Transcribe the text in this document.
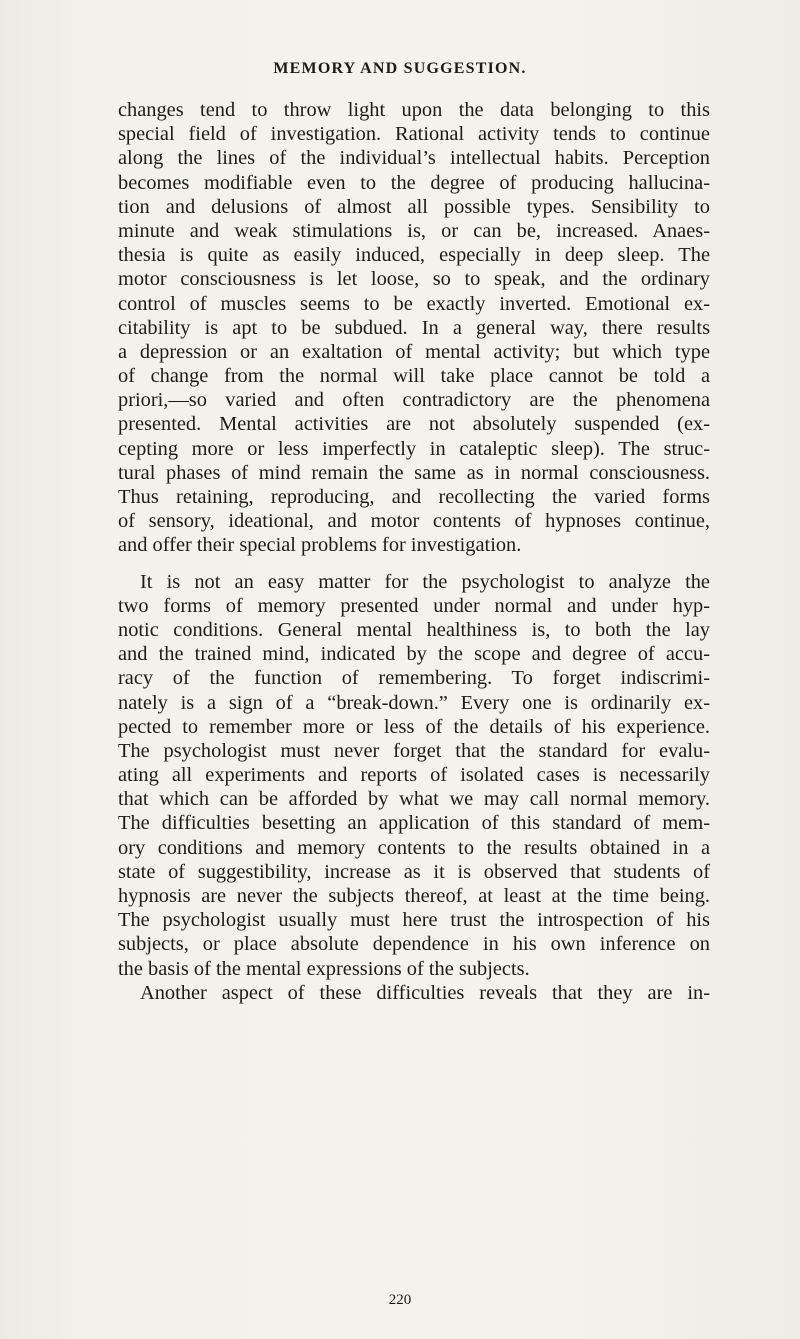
MEMORY AND SUGGESTION.
changes tend to throw light upon the data belonging to this
special field of investigation. Rational activity tends to continue
along the lines of the individual’s intellectual habits. Perception
becomes modifiable even to the degree of producing hallucina-
tion and delusions of almost all possible types. Sensibility to
minute and weak stimulations is, or can be, increased. Anaes-
thesia is quite as easily induced, especially in deep sleep. The
motor consciousness is let loose, so to speak, and the ordinary
control of muscles seems to be exactly inverted. Emotional ex-
citability is apt to be subdued. In a general way, there results
a depression or an exaltation of mental activity; but which type
of change from the normal will take place cannot be told a
priori,—so varied and often contradictory are the phenomena
presented. Mental activities are not absolutely suspended (ex-
cepting more or less imperfectly in cataleptic sleep). The struc-
tural phases of mind remain the same as in normal consciousness.
Thus retaining, reproducing, and recollecting the varied forms
of sensory, ideational, and motor contents of hypnoses continue,
and offer their special problems for investigation.
It is not an easy matter for the psychologist to analyze the
two forms of memory presented under normal and under hyp-
notic conditions. General mental healthiness is, to both the lay
and the trained mind, indicated by the scope and degree of accu-
racy of the function of remembering. To forget indiscrimi-
nately is a sign of a “break-down.” Every one is ordinarily ex-
pected to remember more or less of the details of his experience.
The psychologist must never forget that the standard for evalu-
ating all experiments and reports of isolated cases is necessarily
that which can be afforded by what we may call normal memory.
The difficulties besetting an application of this standard of mem-
ory conditions and memory contents to the results obtained in a
state of suggestibility, increase as it is observed that students of
hypnosis are never the subjects thereof, at least at the time being.
The psychologist usually must here trust the introspection of his
subjects, or place absolute dependence in his own inference on
the basis of the mental expressions of the subjects.
Another aspect of these difficulties reveals that they are in-
220
